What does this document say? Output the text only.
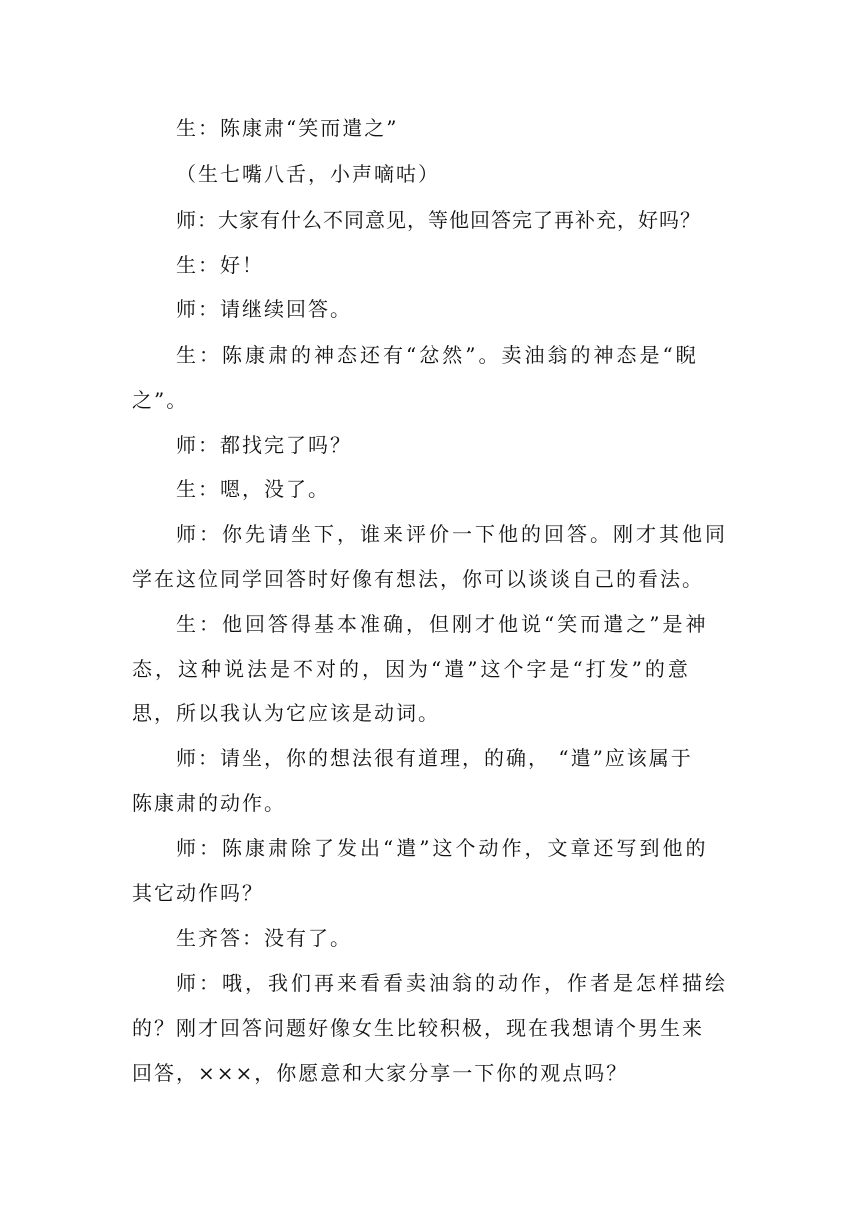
生：陈康肃“笑而遣之”
（生七嘴八舌，小声嘀咕）
师：大家有什么不同意见，等他回答完了再补充，好吗？
生：好！
师：请继续回答。
生：陈康肃的神态还有“忿然”。卖油翁的神态是“睨
之”。
师：都找完了吗？
生：嗯，没了。
师：你先请坐下，谁来评价一下他的回答。刚才其他同
学在这位同学回答时好像有想法，你可以谈谈自己的看法。
生：他回答得基本准确，但刚才他说“笑而遣之”是神
态，这种说法是不对的，因为“遣”这个字是“打发”的意
思，所以我认为它应该是动词。
师：请坐，你的想法很有道理，的确， “遣”应该属于
陈康肃的动作。
师：陈康肃除了发出“遣”这个动作，文章还写到他的
其它动作吗？
生齐答：没有了。
师：哦，我们再来看看卖油翁的动作，作者是怎样描绘
的？刚才回答问题好像女生比较积极，现在我想请个男生来
回答，×××，你愿意和大家分享一下你的观点吗？
